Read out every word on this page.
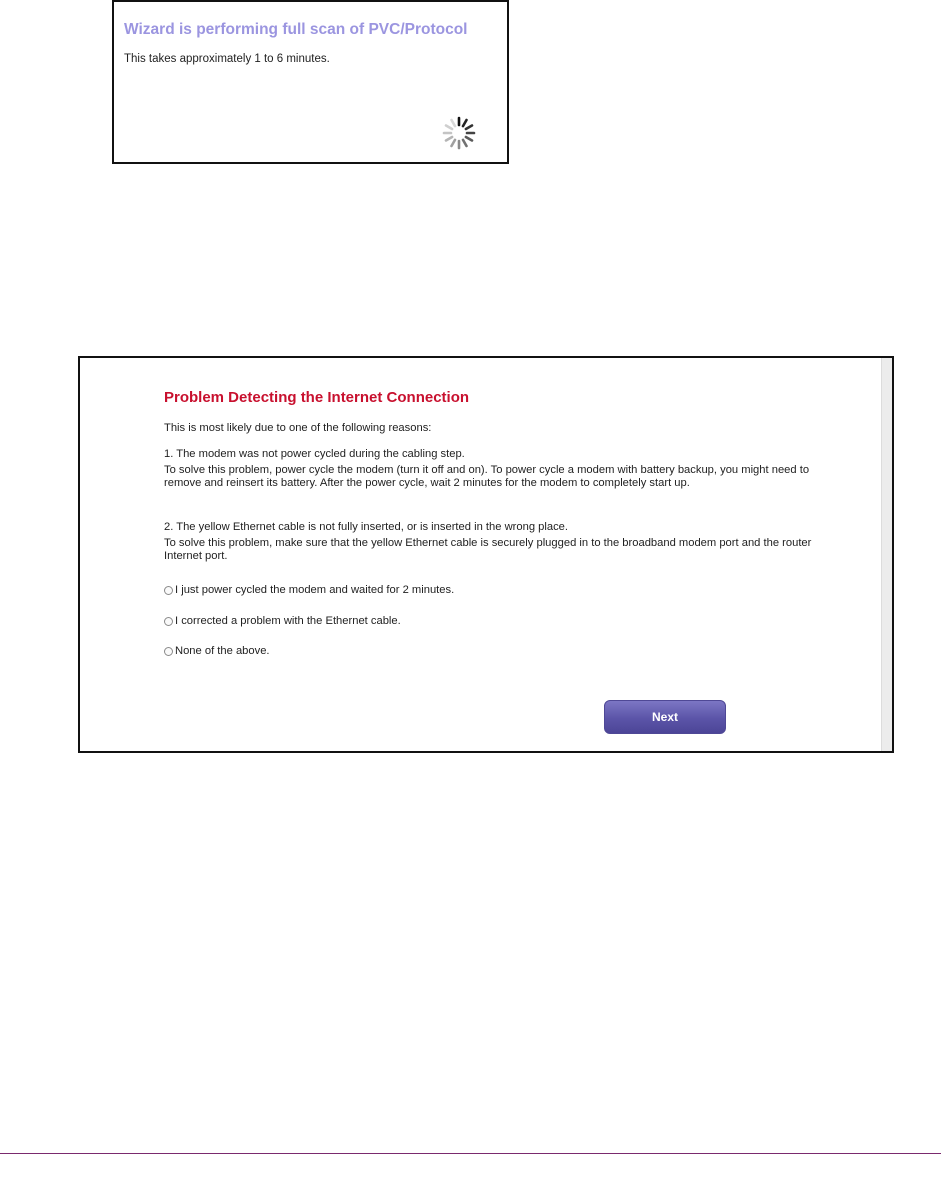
Wizard is performing full scan of PVC/Protocol
This takes approximately 1 to 6 minutes.
Problem Detecting the Internet Connection
This is most likely due to one of the following reasons:
1. The modem was not power cycled during the cabling step.
To solve this problem, power cycle the modem (turn it off and on). To power cycle a modem with battery backup, you might need to remove and reinsert its battery. After the power cycle, wait 2 minutes for the modem to completely start up.
2. The yellow Ethernet cable is not fully inserted, or is inserted in the wrong place.
To solve this problem, make sure that the yellow Ethernet cable is securely plugged in to the broadband modem port and the router Internet port.
I just power cycled the modem and waited for 2 minutes.
I corrected a problem with the Ethernet cable.
None of the above.
Next
